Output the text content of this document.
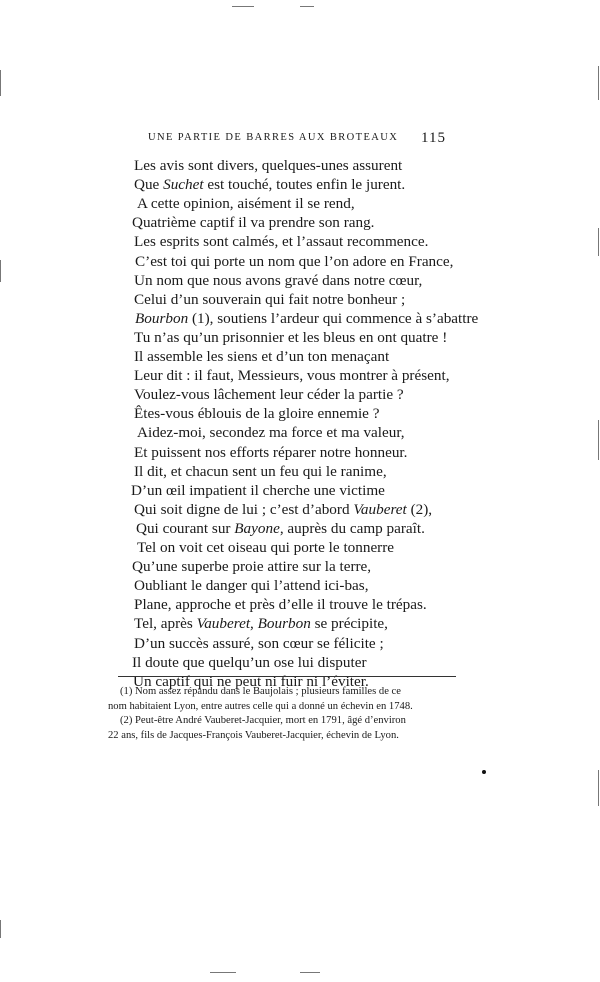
UNE PARTIE DE BARRES AUX BROTEAUX 115
Les avis sont divers, quelques-unes assurent
Que Suchet est touché, toutes enfin le jurent.
A cette opinion, aisément il se rend,
Quatrième captif il va prendre son rang.
Les esprits sont calmés, et l’assaut recommence.
C’est toi qui porte un nom que l’on adore en France,
Un nom que nous avons gravé dans notre cœur,
Celui d’un souverain qui fait notre bonheur ;
Bourbon (1), soutiens l’ardeur qui commence à s’abattre
Tu n’as qu’un prisonnier et les bleus en ont quatre !
Il assemble les siens et d’un ton menaçant
Leur dit : il faut, Messieurs, vous montrer à présent,
Voulez-vous lâchement leur céder la partie ?
Êtes-vous éblouis de la gloire ennemie ?
Aidez-moi, secondez ma force et ma valeur,
Et puissent nos efforts réparer notre honneur.
Il dit, et chacun sent un feu qui le ranime,
D’un œil impatient il cherche une victime
Qui soit digne de lui ; c’est d’abord Vauberet (2),
Qui courant sur Bayone, auprès du camp paraît.
Tel on voit cet oiseau qui porte le tonnerre
Qu’une superbe proie attire sur la terre,
Oubliant le danger qui l’attend ici-bas,
Plane, approche et près d’elle il trouve le trépas.
Tel, après Vauberet, Bourbon se précipite,
D’un succès assuré, son cœur se félicite ;
Il doute que quelqu’un ose lui disputer
Un captif qui ne peut ni fuir ni l’éviter.
(1) Nom assez répandu dans le Baujolais ; plusieurs familles de ce
nom habitaient Lyon, entre autres celle qui a donné un échevin en 1748.
(2) Peut-être André Vauberet-Jacquier, mort en 1791, âgé d’environ
22 ans, fils de Jacques-François Vauberet-Jacquier, échevin de Lyon.
